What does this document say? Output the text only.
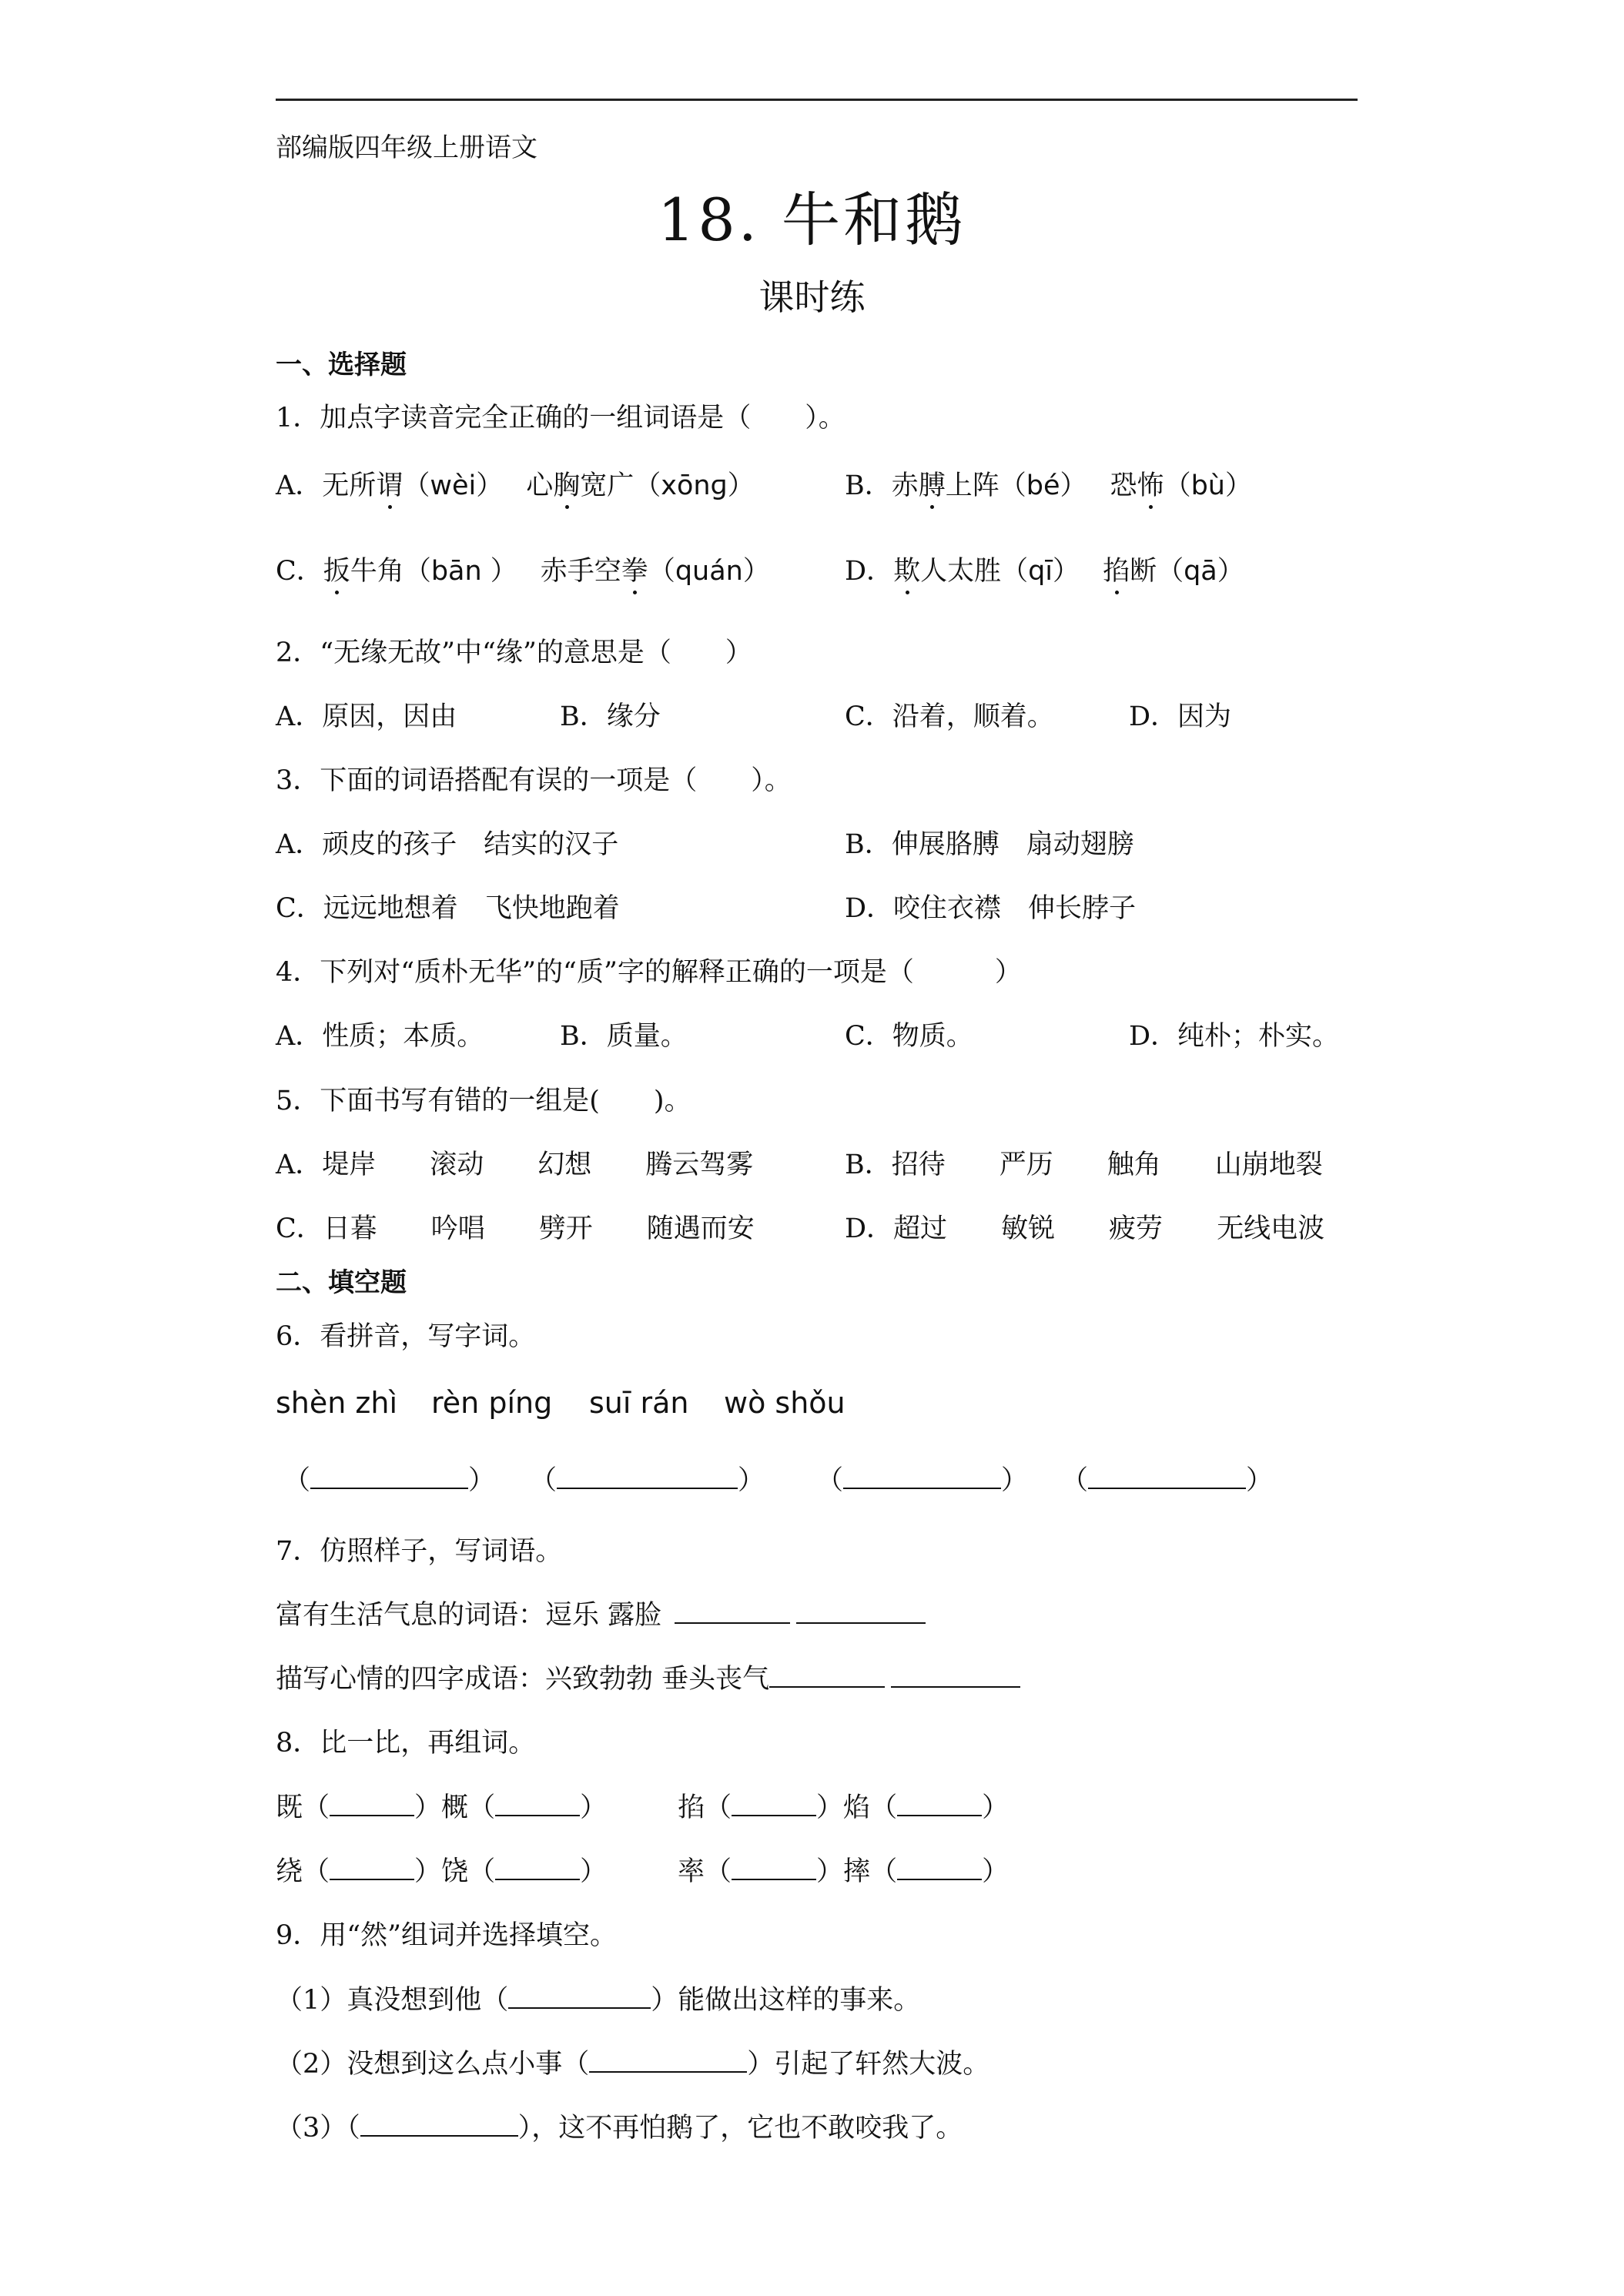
部编版四年级上册语文
18. 牛和鹅
课时练
一、选择题
1．加点字读音完全正确的一组词语是（　　）。
A．无所谓（wèi） 心胸宽广（xōnɡ）	B．赤膊上阵（bé） 恐怖（bù）
C．扳牛角（bān ） 赤手空拳（quán）	D．欺人太胜（qī） 掐断（qā）
2．“无缘无故”中“缘”的意思是（　　）
A．原因，因由	B．缘分	C．沿着，顺着。	D．因为
3．下面的词语搭配有误的一项是（　　）。
A．顽皮的孩子　结实的汉子	B．伸展胳膊　扇动翅膀
C．远远地想着　飞快地跑着	D．咬住衣襟　伸长脖子
4．下列对“质朴无华”的“质”字的解释正确的一项是（　　　）
A．性质；本质。	B．质量。	C．物质。	D．纯朴；朴实。
5．下面书写有错的一组是(　　)。
A．堤岸　　滚动　　幻想　　腾云驾雾	B．招待　　严历　　触角　　山崩地裂
C．日暮　　吟唱　　劈开　　随遇而安	D．超过　　敏锐　　疲劳　　无线电波
二、填空题
6．看拼音，写字词。
shèn zhì rèn píng suī rán wò shǒu
（	） （	） （	） （	）
7．仿照样子，写词语。
富有生活气息的词语：逗乐 露脸
描写心情的四字成语：兴致勃勃 垂头丧气
8．比一比，再组词。
既（	）概（	）	掐（	）焰（	）
绕（	）饶（	）	率（	）摔（	）
9．用“然”组词并选择填空。
（1）真没想到他（	）能做出这样的事来。
（2）没想到这么点小事（	）引起了轩然大波。
（3）（	），这不再怕鹅了，它也不敢咬我了。
